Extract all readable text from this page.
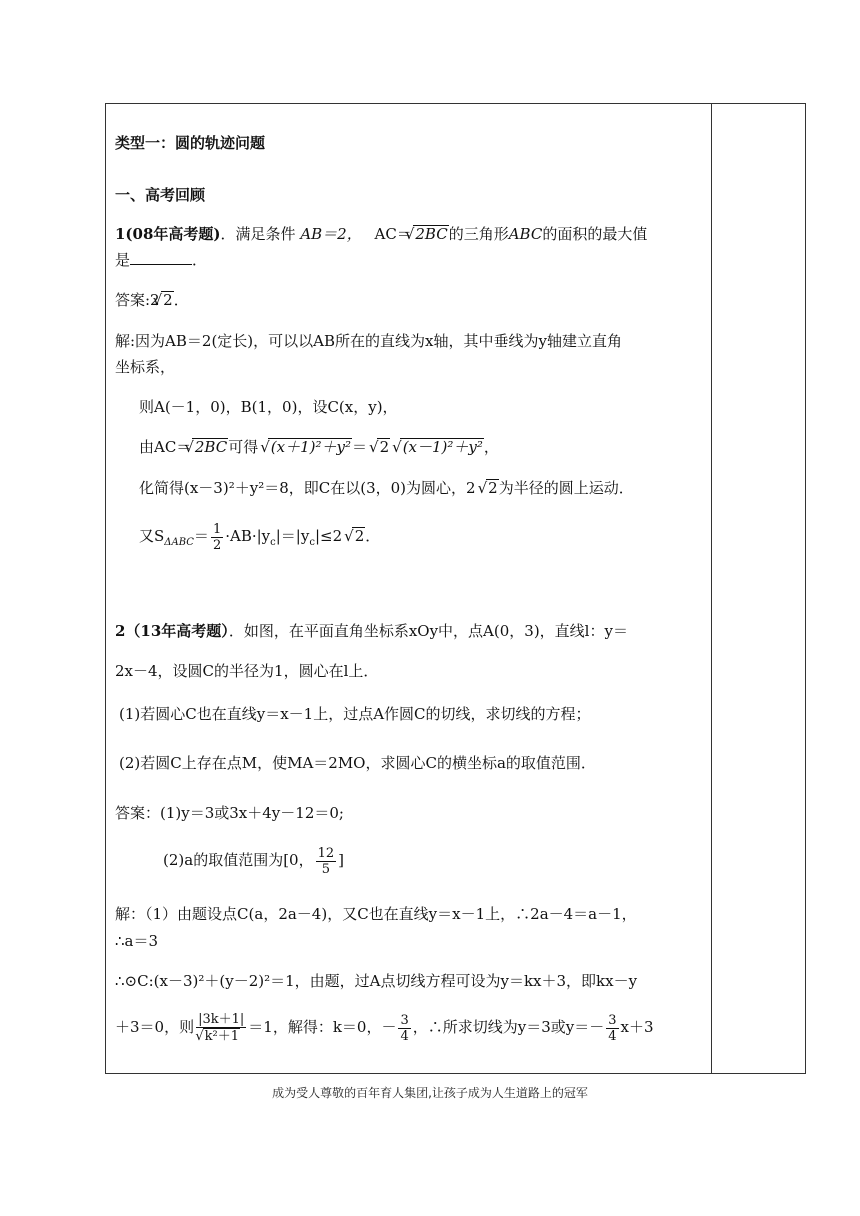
类型一：圆的轨迹问题
一、高考回顾
1(08年高考题)．满足条件 AB＝2， AC＝√ 2BC的三角形ABC的面积的最大值
是	．
答案:2√ 2．
解:因为AB＝2(定长)，可以以AB所在的直线为x轴，其中垂线为y轴建立直角
坐标系，
则A(－1，0)，B(1，0)，设C(x，y)，
由AC＝√ 2BC可得√ (x＋1)²＋y²＝√ 2√ (x－1)²＋y²，
化简得(x－3)²＋y²＝8，即C在以(3，0)为圆心，2√ 2为半径的圆上运动．
又$S_{\Delta ABC}= \frac{1}{2} \cdot AB\cdot|y_c|=|y_c|\le 2√$ 2．
2（13年高考题）．如图，在平面直角坐标系xOy中，点A(0，3)，直线l：y＝
2x－4，设圆C的半径为1，圆心在l上．
(1)若圆心C也在直线y＝x－1上，过点A作圆C的切线，求切线的方程；
(2)若圆C上存在点M，使MA＝2MO，求圆心C的横坐标a的取值范围．
答案：(1)y＝3或3x＋4y－12＝0;
(2)a的取值范围为[0， $\frac{12}{5}$ ]
解：（1）由题设点C(a，2a－4)，又C也在直线y＝x－1上，∴2a－4＝a－1，
∴a＝3
∴⊙C:(x－3)²＋(y－2)²＝1，由题，过A点切线方程可设为y＝kx＋3，即kx－y
＋3＝0，则 |3k＋1|
√ k²＋1 ＝1，解得：k＝0，－ $\frac{3}{4}$ ，∴所求切线为y＝3或$y=- \frac{3}{4} x+3$
成为受人尊敬的百年育人集团,让孩子成为人生道路上的冠军
